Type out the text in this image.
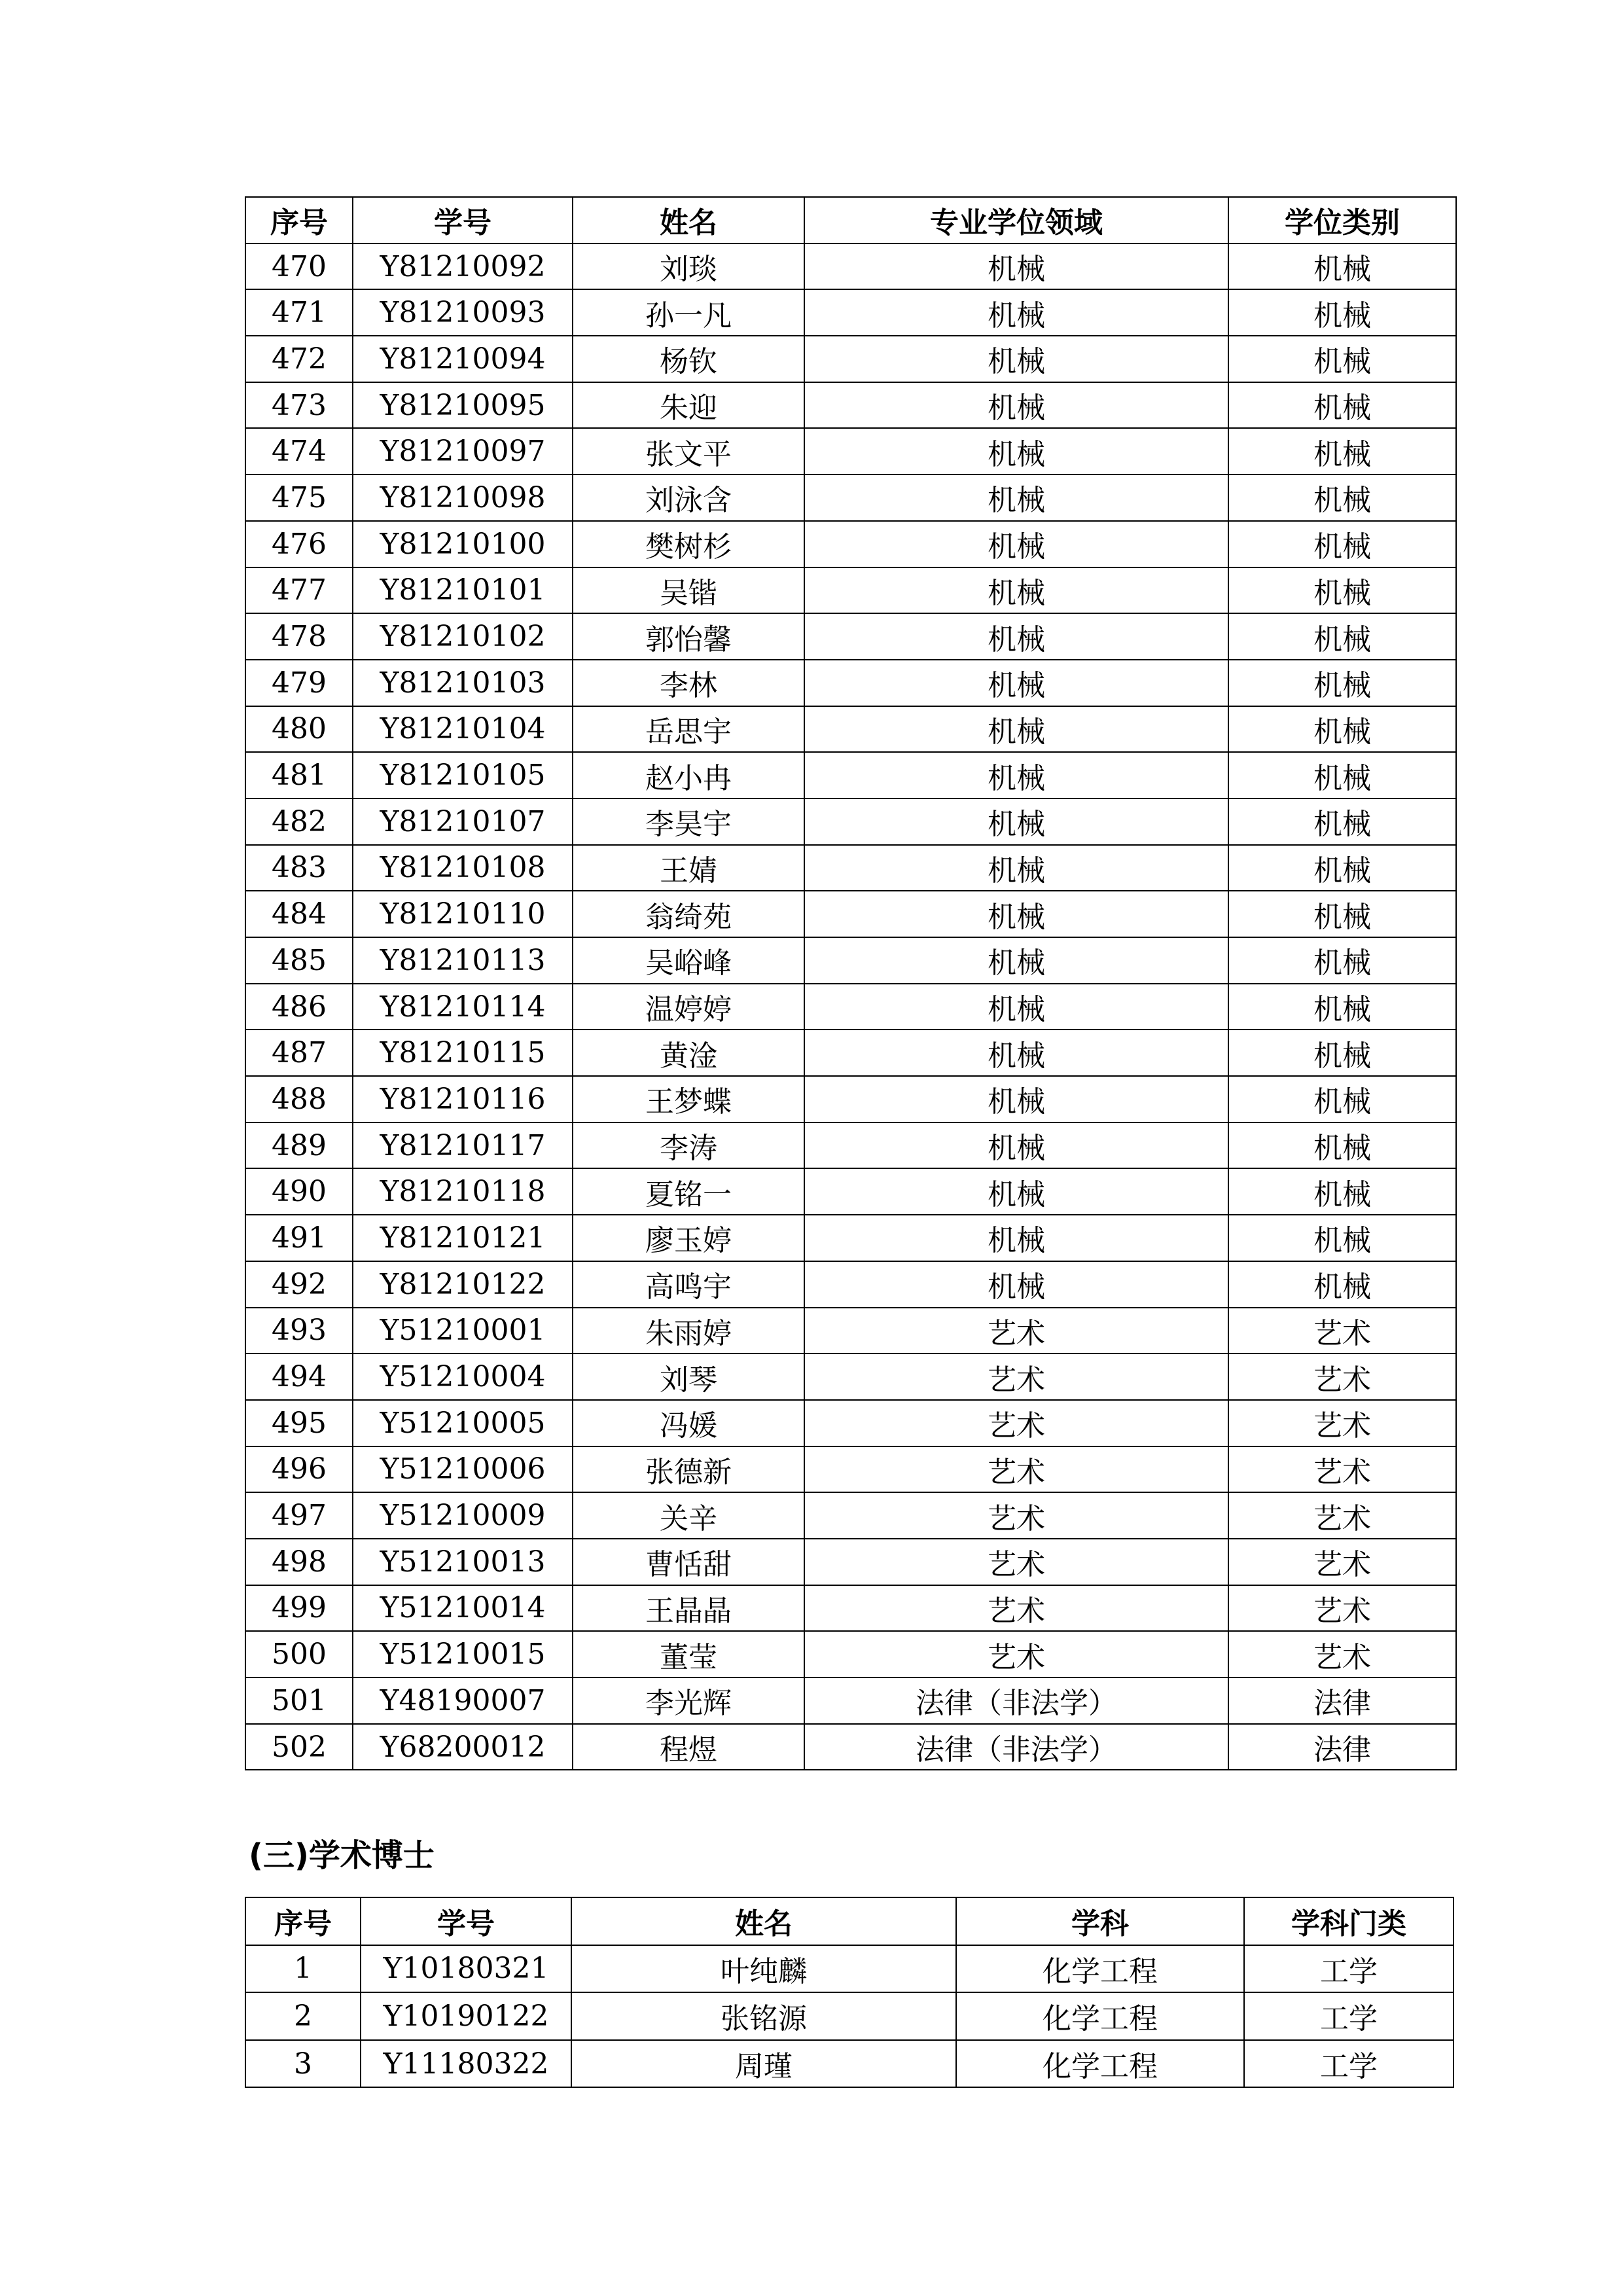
序号	学号	姓名	专业学位领域	学位类别
470	Y81210092	刘琰	机械	机械
471	Y81210093	孙一凡	机械	机械
472	Y81210094	杨钦	机械	机械
473	Y81210095	朱迎	机械	机械
474	Y81210097	张文平	机械	机械
475	Y81210098	刘泳含	机械	机械
476	Y81210100	樊树杉	机械	机械
477	Y81210101	吴锴	机械	机械
478	Y81210102	郭怡馨	机械	机械
479	Y81210103	李林	机械	机械
480	Y81210104	岳思宇	机械	机械
481	Y81210105	赵小冉	机械	机械
482	Y81210107	李昊宇	机械	机械
483	Y81210108	王婧	机械	机械
484	Y81210110	翁绮苑	机械	机械
485	Y81210113	吴峪峰	机械	机械
486	Y81210114	温婷婷	机械	机械
487	Y81210115	黄淦	机械	机械
488	Y81210116	王梦蝶	机械	机械
489	Y81210117	李涛	机械	机械
490	Y81210118	夏铭一	机械	机械
491	Y81210121	廖玉婷	机械	机械
492	Y81210122	高鸣宇	机械	机械
493	Y51210001	朱雨婷	艺术	艺术
494	Y51210004	刘琴	艺术	艺术
495	Y51210005	冯媛	艺术	艺术
496	Y51210006	张德新	艺术	艺术
497	Y51210009	关辛	艺术	艺术
498	Y51210013	曹恬甜	艺术	艺术
499	Y51210014	王晶晶	艺术	艺术
500	Y51210015	董莹	艺术	艺术
501	Y48190007	李光辉	法律（非法学）	法律
502	Y68200012	程煜	法律（非法学）	法律
(三)学术博士
序号	学号	姓名	学科	学科门类
1	Y10180321	叶纯麟	化学工程	工学
2	Y10190122	张铭源	化学工程	工学
3	Y11180322	周瑾	化学工程	工学
